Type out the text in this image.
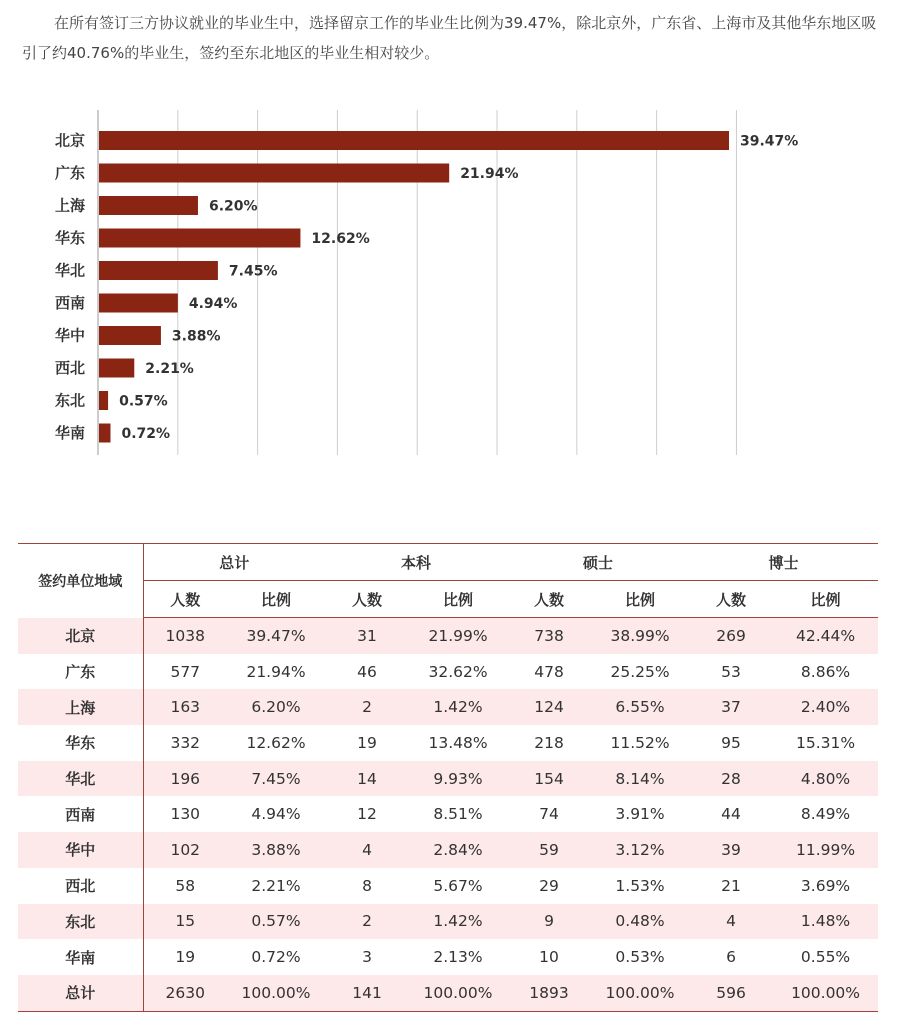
在所有签订三方协议就业的毕业生中，选择留京工作的毕业生比例为39.47%，除北京外，广东省、上海市及其他华东地区吸引了约40.76%的毕业生，签约至东北地区的毕业生相对较少。

北京	39.47%
广东	21.94%
上海	6.20%
华东	12.62%
华北	7.45%
西南	4.94%
华中	3.88%
西北	2.21%
东北 0.57%
华南	0.72%
签约单位地域	总计		本科		硕士		博士	
	人数	比例	人数	比例	人数	比例	人数	比例
北京	1038	39.47%	31	21.99%	738	38.99%	269	42.44%
广东	577	21.94%	46	32.62%	478	25.25%	53	8.86%
上海	163	6.20%	2	1.42%	124	6.55%	37	2.40%
华东	332	12.62%	19	13.48%	218	11.52%	95	15.31%
华北	196	7.45%	14	9.93%	154	8.14%	28	4.80%
西南	130	4.94%	12	8.51%	74	3.91%	44	8.49%
华中	102	3.88%	4	2.84%	59	3.12%	39	11.99%
西北	58	2.21%	8	5.67%	29	1.53%	21	3.69%
东北	15	0.57%	2	1.42%	9	0.48%	4	1.48%
华南	19	0.72%	3	2.13%	10	0.53%	6	0.55%
总计	2630	100.00%	141	100.00%	1893	100.00%	596	100.00%
